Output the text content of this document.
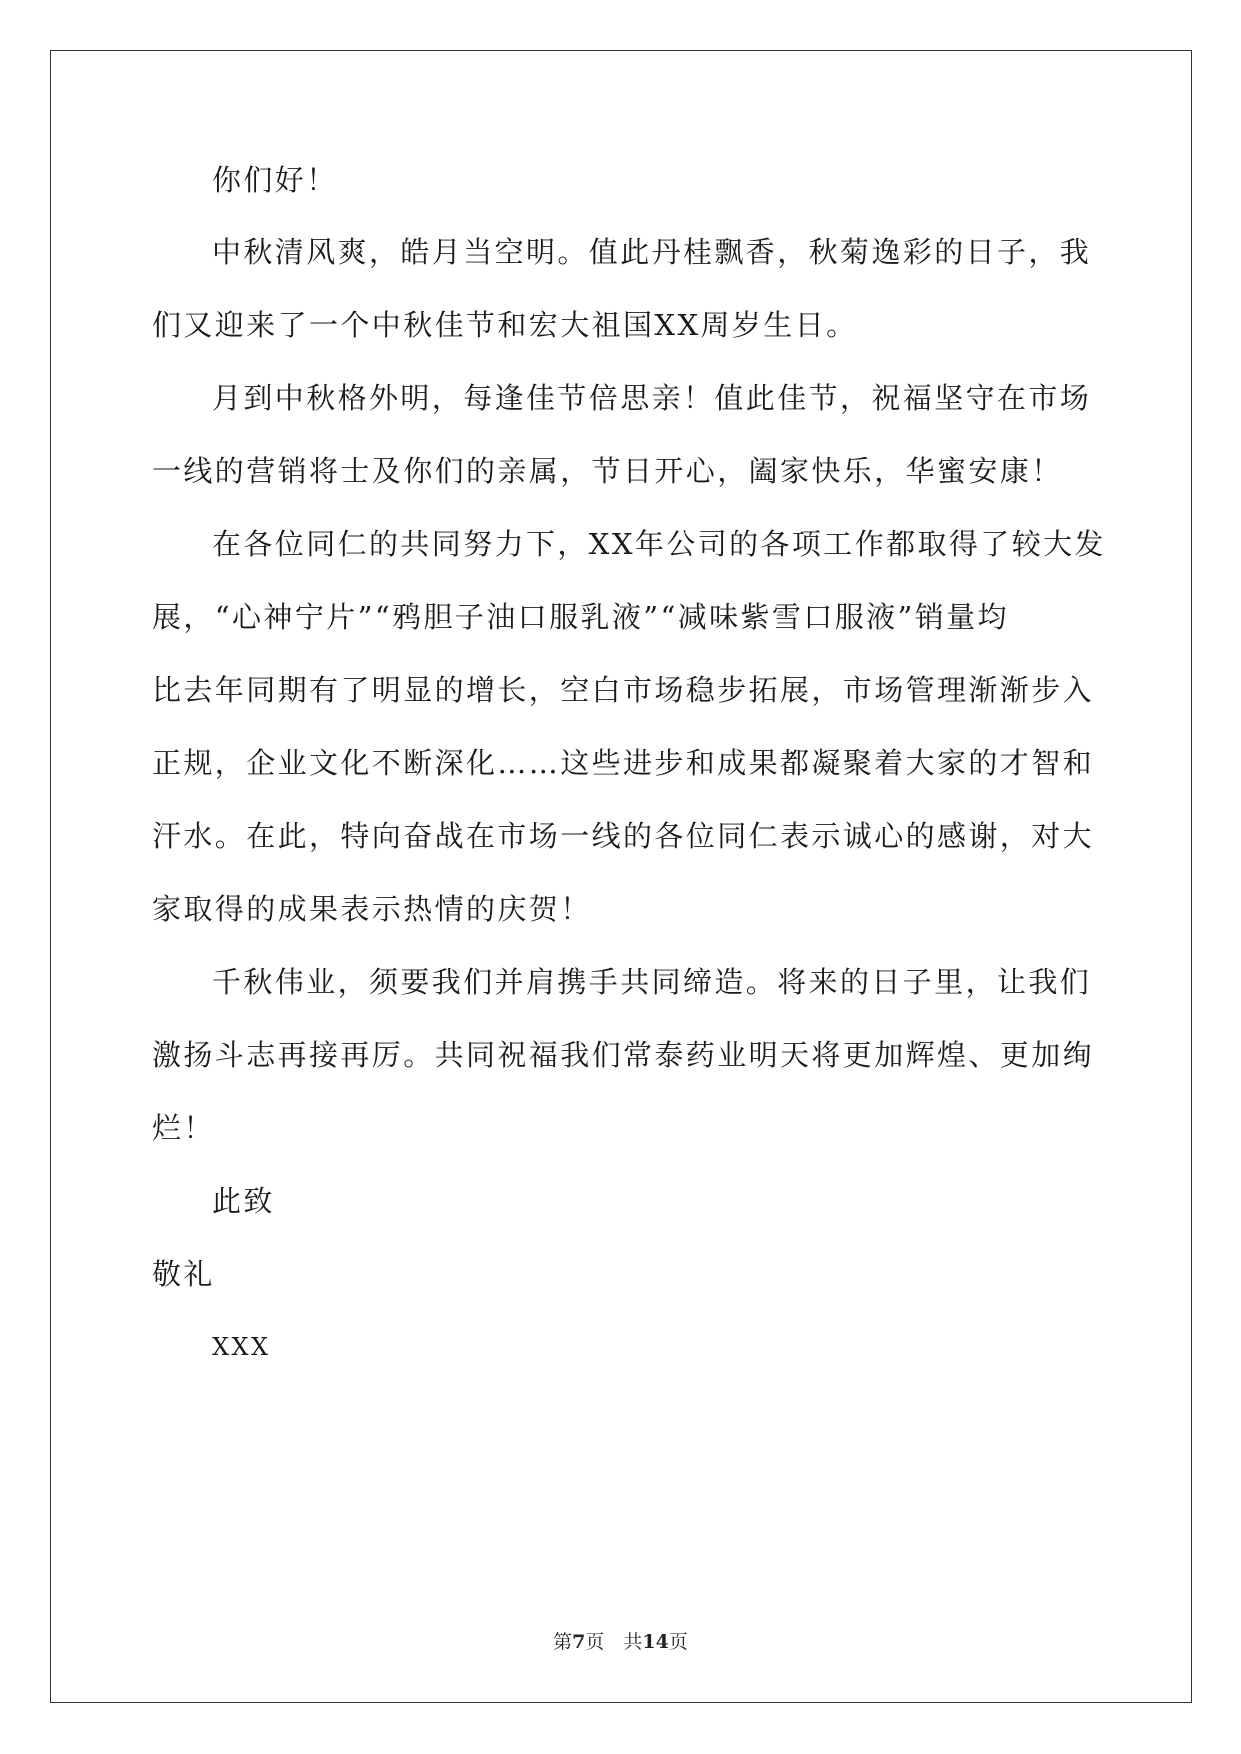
你们好！
中秋清风爽，皓月当空明。值此丹桂飘香，秋菊逸彩的日子，我
们又迎来了一个中秋佳节和宏大祖国XX周岁生日。
月到中秋格外明，每逢佳节倍思亲！值此佳节，祝福坚守在市场
一线的营销将士及你们的亲属，节日开心，阖家快乐，华蜜安康！
在各位同仁的共同努力下，XX年公司的各项工作都取得了较大发
展，“心神宁片”“鸦胆子油口服乳液”“减味紫雪口服液”销量均
比去年同期有了明显的增长，空白市场稳步拓展，市场管理渐渐步入
正规，企业文化不断深化……这些进步和成果都凝聚着大家的才智和
汗水。在此，特向奋战在市场一线的各位同仁表示诚心的感谢，对大
家取得的成果表示热情的庆贺！
千秋伟业，须要我们并肩携手共同缔造。将来的日子里，让我们
激扬斗志再接再厉。共同祝福我们常泰药业明天将更加辉煌、更加绚
烂！
此致
敬礼
XXX
第7页　共14页
